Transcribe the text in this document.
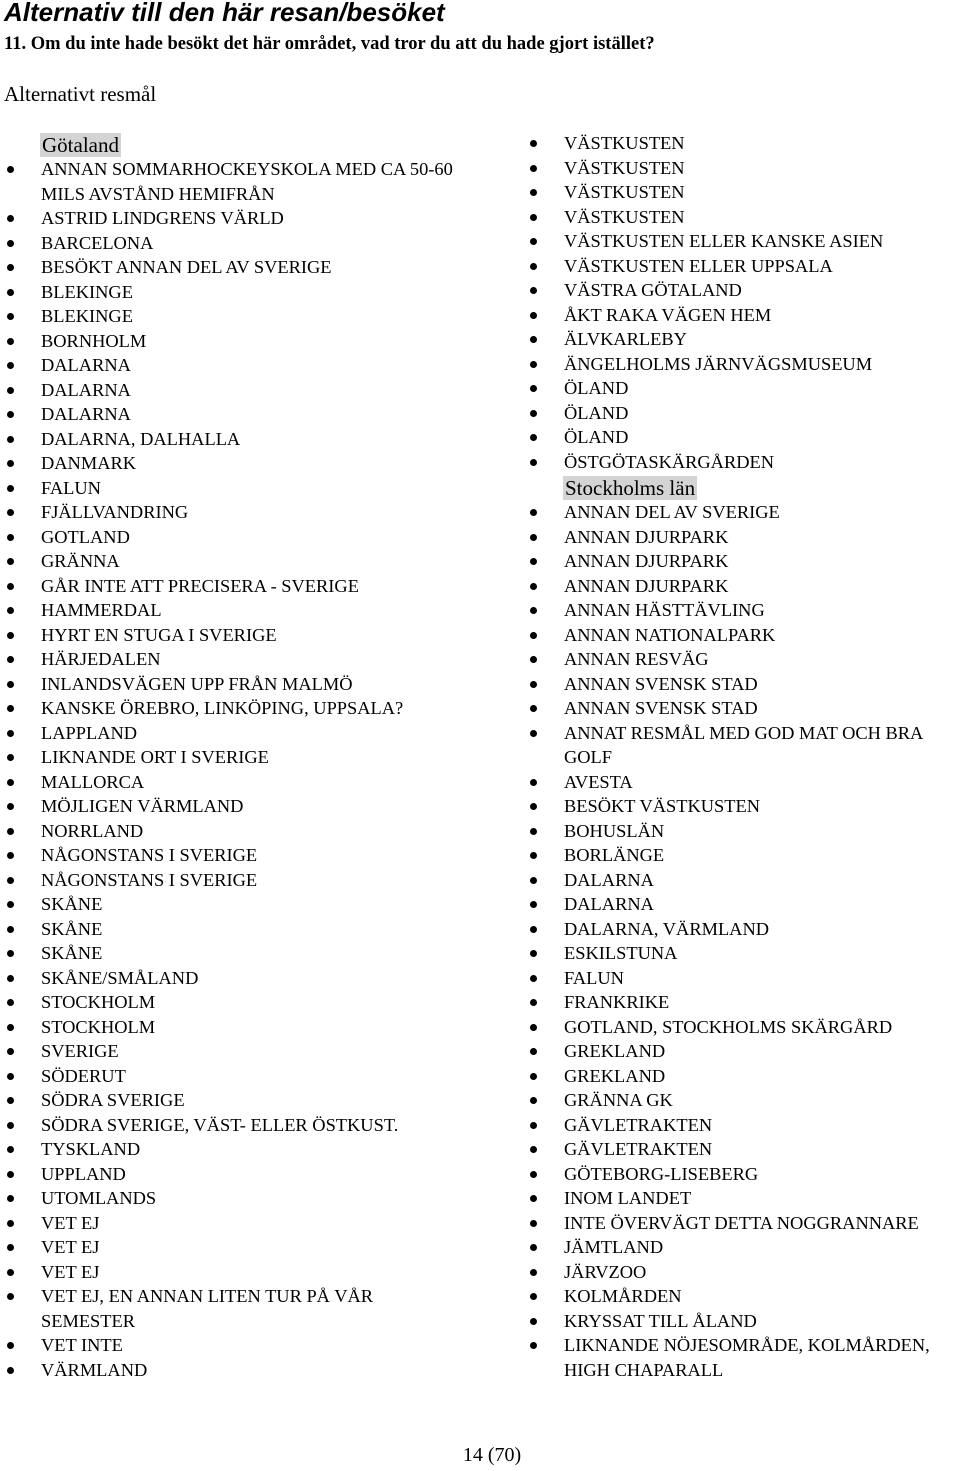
Alternativ till den här resan/besöket
11. Om du inte hade besökt det här området, vad tror du att du hade gjort istället?
Alternativt resmål
Götaland
ANNAN SOMMARHOCKEYSKOLA MED CA 50-60 MILS AVSTÅND HEMIFRÅN
ASTRID LINDGRENS VÄRLD
BARCELONA
BESÖKT ANNAN DEL AV SVERIGE
BLEKINGE
BLEKINGE
BORNHOLM
DALARNA
DALARNA
DALARNA
DALARNA, DALHALLA
DANMARK
FALUN
FJÄLLVANDRING
GOTLAND
GRÄNNA
GÅR INTE ATT PRECISERA - SVERIGE
HAMMERDAL
HYRT EN STUGA I SVERIGE
HÄRJEDALEN
INLANDSVÄGEN UPP FRÅN MALMÖ
KANSKE ÖREBRO, LINKÖPING, UPPSALA?
LAPPLAND
LIKNANDE ORT I SVERIGE
MALLORCA
MÖJLIGEN VÄRMLAND
NORRLAND
NÅGONSTANS I SVERIGE
NÅGONSTANS I SVERIGE
SKÅNE
SKÅNE
SKÅNE
SKÅNE/SMÅLAND
STOCKHOLM
STOCKHOLM
SVERIGE
SÖDERUT
SÖDRA SVERIGE
SÖDRA SVERIGE, VÄST- ELLER ÖSTKUST.
TYSKLAND
UPPLAND
UTOMLANDS
VET EJ
VET EJ
VET EJ
VET EJ, EN ANNAN LITEN TUR PÅ VÅR SEMESTER
VET INTE
VÄRMLAND
VÄSTKUSTEN
VÄSTKUSTEN
VÄSTKUSTEN
VÄSTKUSTEN
VÄSTKUSTEN ELLER KANSKE ASIEN
VÄSTKUSTEN ELLER UPPSALA
VÄSTRA GÖTALAND
ÅKT RAKA VÄGEN HEM
ÄLVKARLEBY
ÄNGELHOLMS JÄRNVÄGSMUSEUM
ÖLAND
ÖLAND
ÖLAND
ÖSTGÖTASKÄRGÅRDEN
Stockholms län
ANNAN DEL AV SVERIGE
ANNAN DJURPARK
ANNAN DJURPARK
ANNAN DJURPARK
ANNAN HÄSTTÄVLING
ANNAN NATIONALPARK
ANNAN RESVÄG
ANNAN SVENSK STAD
ANNAN SVENSK STAD
ANNAT RESMÅL MED GOD MAT OCH BRA GOLF
AVESTA
BESÖKT VÄSTKUSTEN
BOHUSLÄN
BORLÄNGE
DALARNA
DALARNA
DALARNA, VÄRMLAND
ESKILSTUNA
FALUN
FRANKRIKE
GOTLAND, STOCKHOLMS SKÄRGÅRD
GREKLAND
GREKLAND
GRÄNNA GK
GÄVLETRAKTEN
GÄVLETRAKTEN
GÖTEBORG-LISEBERG
INOM LANDET
INTE ÖVERVÄGT DETTA NOGGRANNARE
JÄMTLAND
JÄRVZOO
KOLMÅRDEN
KRYSSAT TILL ÅLAND
LIKNANDE NÖJESOMRÅDE, KOLMÅRDEN, HIGH CHAPARALL
14 (70)
